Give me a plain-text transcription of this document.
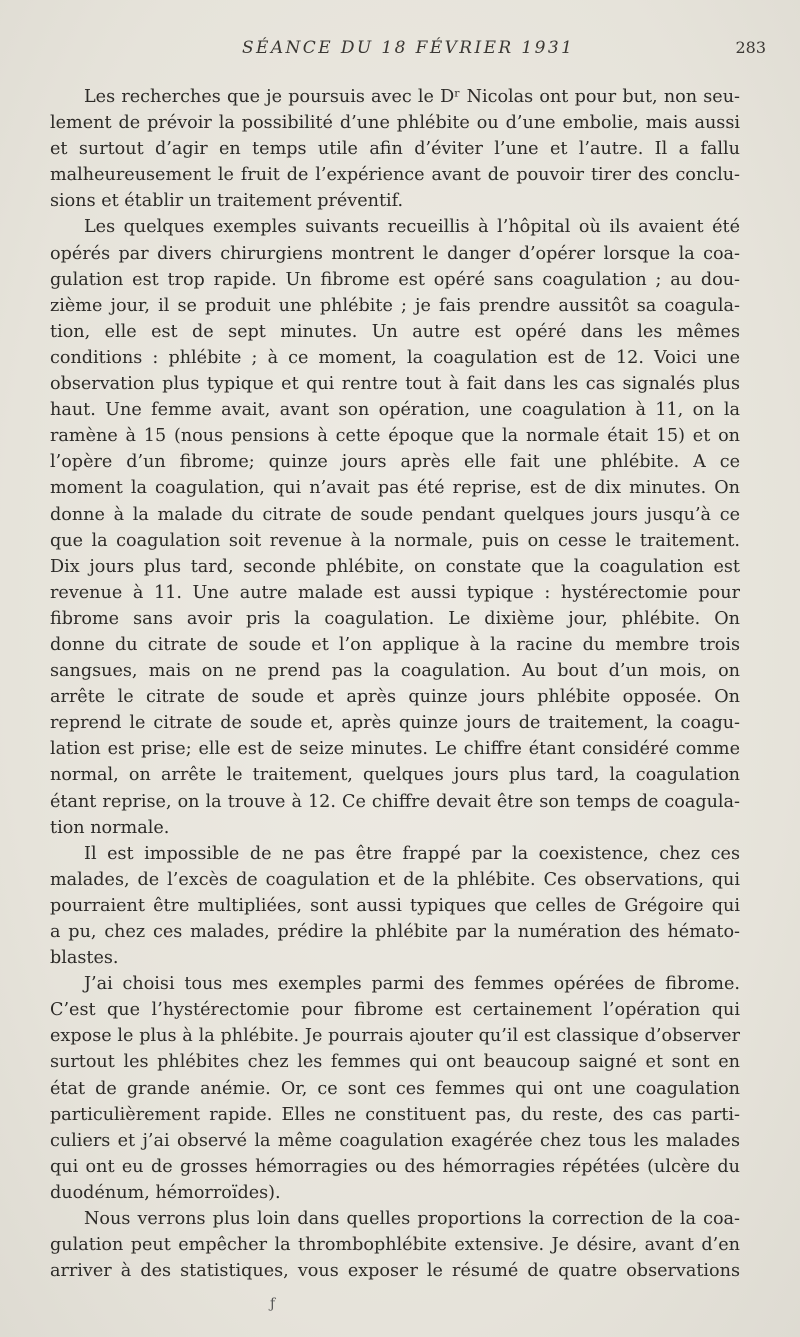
SÉANCE DU 18 FÉVRIER 1931	283
Les recherches que je poursuis avec le Dʳ Nicolas ont pour but, non seu-
lement de prévoir la possibilité d’une phlébite ou d’une embolie, mais aussi
et surtout d’agir en temps utile afin d’éviter l’une et l’autre. Il a fallu
malheureusement le fruit de l’expérience avant de pouvoir tirer des conclu-
sions et établir un traitement préventif.
Les quelques exemples suivants recueillis à l’hôpital où ils avaient été
opérés par divers chirurgiens montrent le danger d’opérer lorsque la coa-
gulation est trop rapide. Un fibrome est opéré sans coagulation ; au dou-
zième jour, il se produit une phlébite ; je fais prendre aussitôt sa coagula-
tion, elle est de sept minutes. Un autre est opéré dans les mêmes
conditions : phlébite ; à ce moment, la coagulation est de 12. Voici une
observation plus typique et qui rentre tout à fait dans les cas signalés plus
haut. Une femme avait, avant son opération, une coagulation à 11, on la
ramène à 15 (nous pensions à cette époque que la normale était 15) et on
l’opère d’un fibrome; quinze jours après elle fait une phlébite. A ce
moment la coagulation, qui n’avait pas été reprise, est de dix minutes. On
donne à la malade du citrate de soude pendant quelques jours jusqu’à ce
que la coagulation soit revenue à la normale, puis on cesse le traitement.
Dix jours plus tard, seconde phlébite, on constate que la coagulation est
revenue à 11. Une autre malade est aussi typique : hystérectomie pour
fibrome sans avoir pris la coagulation. Le dixième jour, phlébite. On
donne du citrate de soude et l’on applique à la racine du membre trois
sangsues, mais on ne prend pas la coagulation. Au bout d’un mois, on
arrête le citrate de soude et après quinze jours phlébite opposée. On
reprend le citrate de soude et, après quinze jours de traitement, la coagu-
lation est prise; elle est de seize minutes. Le chiffre étant considéré comme
normal, on arrête le traitement, quelques jours plus tard, la coagulation
étant reprise, on la trouve à 12. Ce chiffre devait être son temps de coagula-
tion normale.
Il est impossible de ne pas être frappé par la coexistence, chez ces
malades, de l’excès de coagulation et de la phlébite. Ces observations, qui
pourraient être multipliées, sont aussi typiques que celles de Grégoire qui
a pu, chez ces malades, prédire la phlébite par la numération des hémato-
blastes.
J’ai choisi tous mes exemples parmi des femmes opérées de fibrome.
C’est que l’hystérectomie pour fibrome est certainement l’opération qui
expose le plus à la phlébite. Je pourrais ajouter qu’il est classique d’observer
surtout les phlébites chez les femmes qui ont beaucoup saigné et sont en
état de grande anémie. Or, ce sont ces femmes qui ont une coagulation
particulièrement rapide. Elles ne constituent pas, du reste, des cas parti-
culiers et j’ai observé la même coagulation exagérée chez tous les malades
qui ont eu de grosses hémorragies ou des hémorragies répétées (ulcère du
duodénum, hémorroïdes).
Nous verrons plus loin dans quelles proportions la correction de la coa-
gulation peut empêcher la thrombophlébite extensive. Je désire, avant d’en
arriver à des statistiques, vous exposer le résumé de quatre observations
ƒ
